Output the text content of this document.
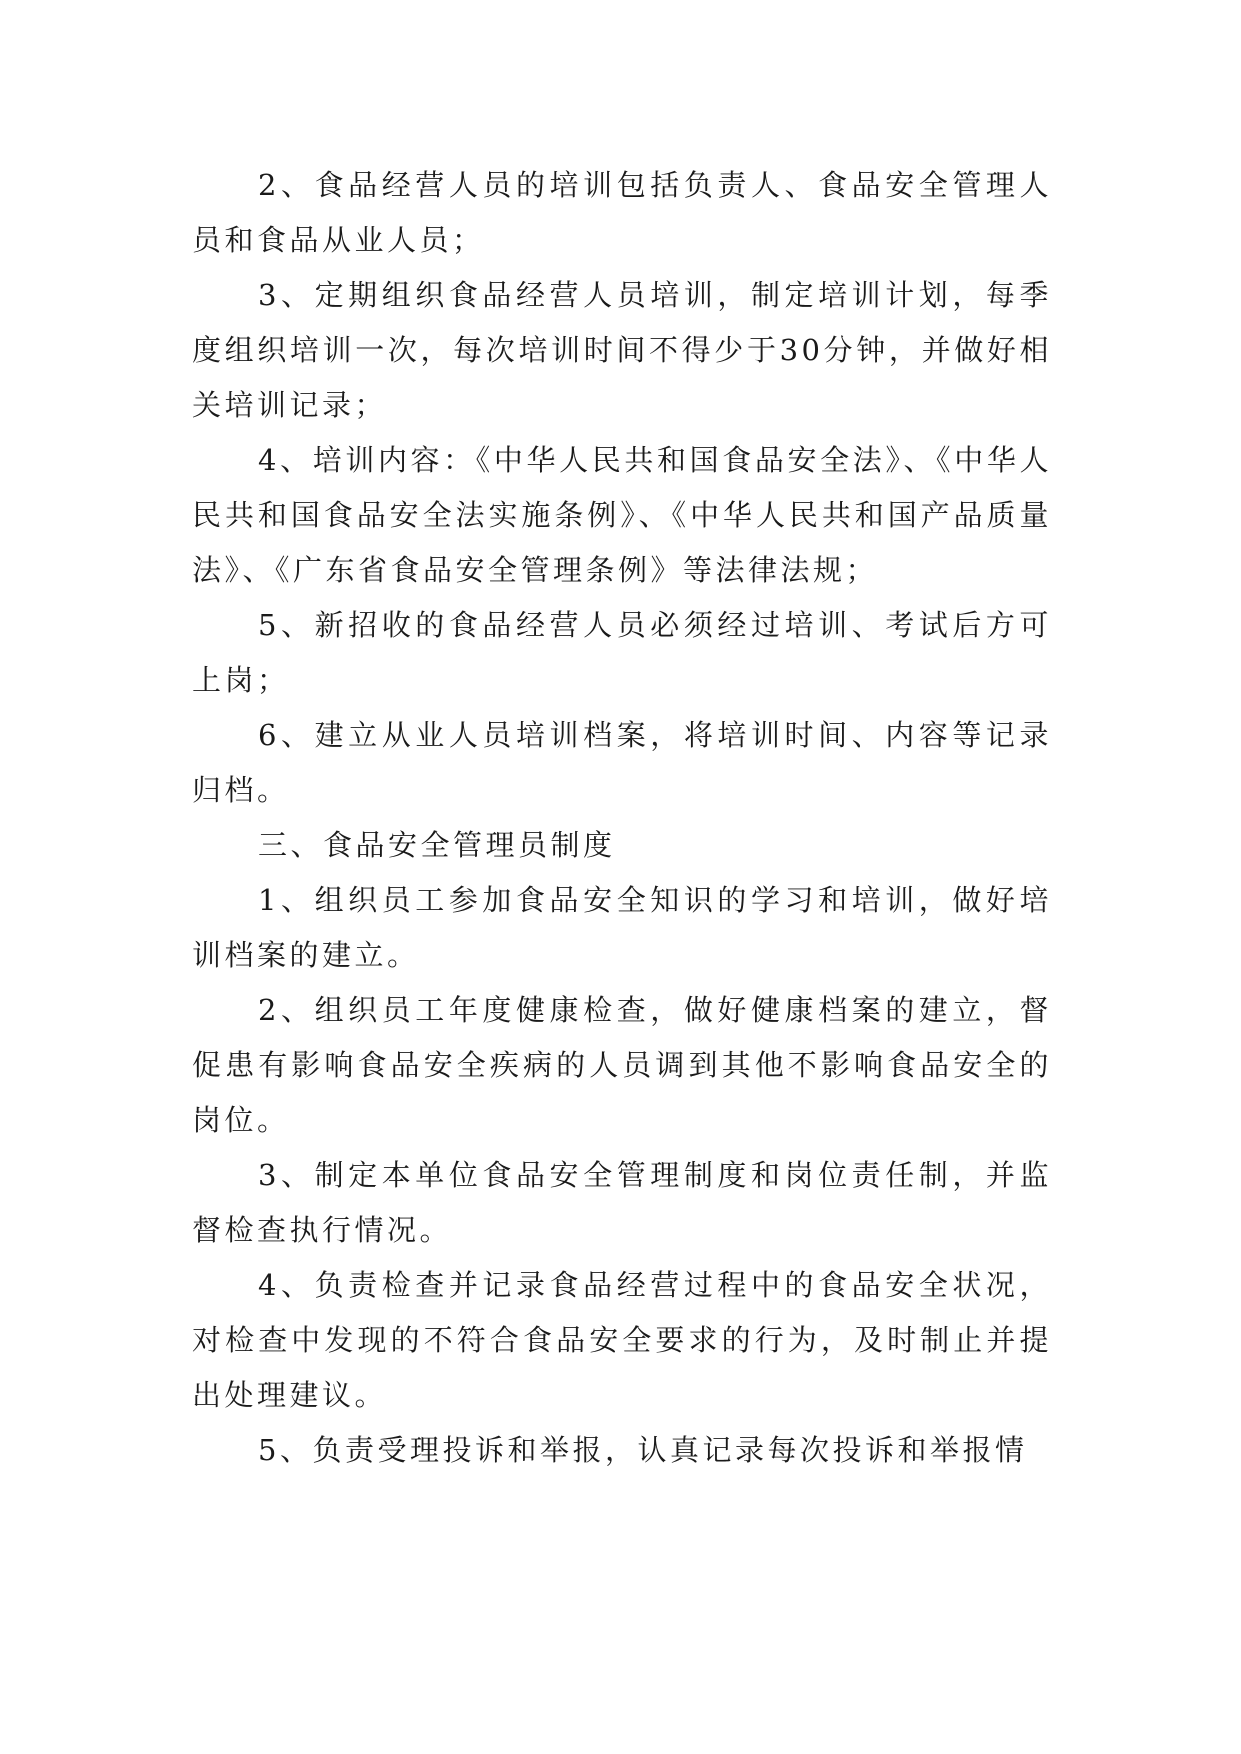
2、食品经营人员的培训包括负责人、食品安全管理人员和食品从业人员；

3、定期组织食品经营人员培训，制定培训计划，每季度组织培训一次，每次培训时间不得少于30分钟，并做好相关培训记录；

4、培训内容：《中华人民共和国食品安全法》、《中华人民共和国食品安全法实施条例》、《中华人民共和国产品质量法》、《广东省食品安全管理条例》等法律法规；

5、新招收的食品经营人员必须经过培训、考试后方可上岗；

6、建立从业人员培训档案，将培训时间、内容等记录归档。

三、食品安全管理员制度

1、组织员工参加食品安全知识的学习和培训，做好培训档案的建立。

2、组织员工年度健康检查，做好健康档案的建立，督促患有影响食品安全疾病的人员调到其他不影响食品安全的岗位。

3、制定本单位食品安全管理制度和岗位责任制，并监督检查执行情况。

4、负责检查并记录食品经营过程中的食品安全状况，对检查中发现的不符合食品安全要求的行为，及时制止并提出处理建议。

5、负责受理投诉和举报，认真记录每次投诉和举报情
